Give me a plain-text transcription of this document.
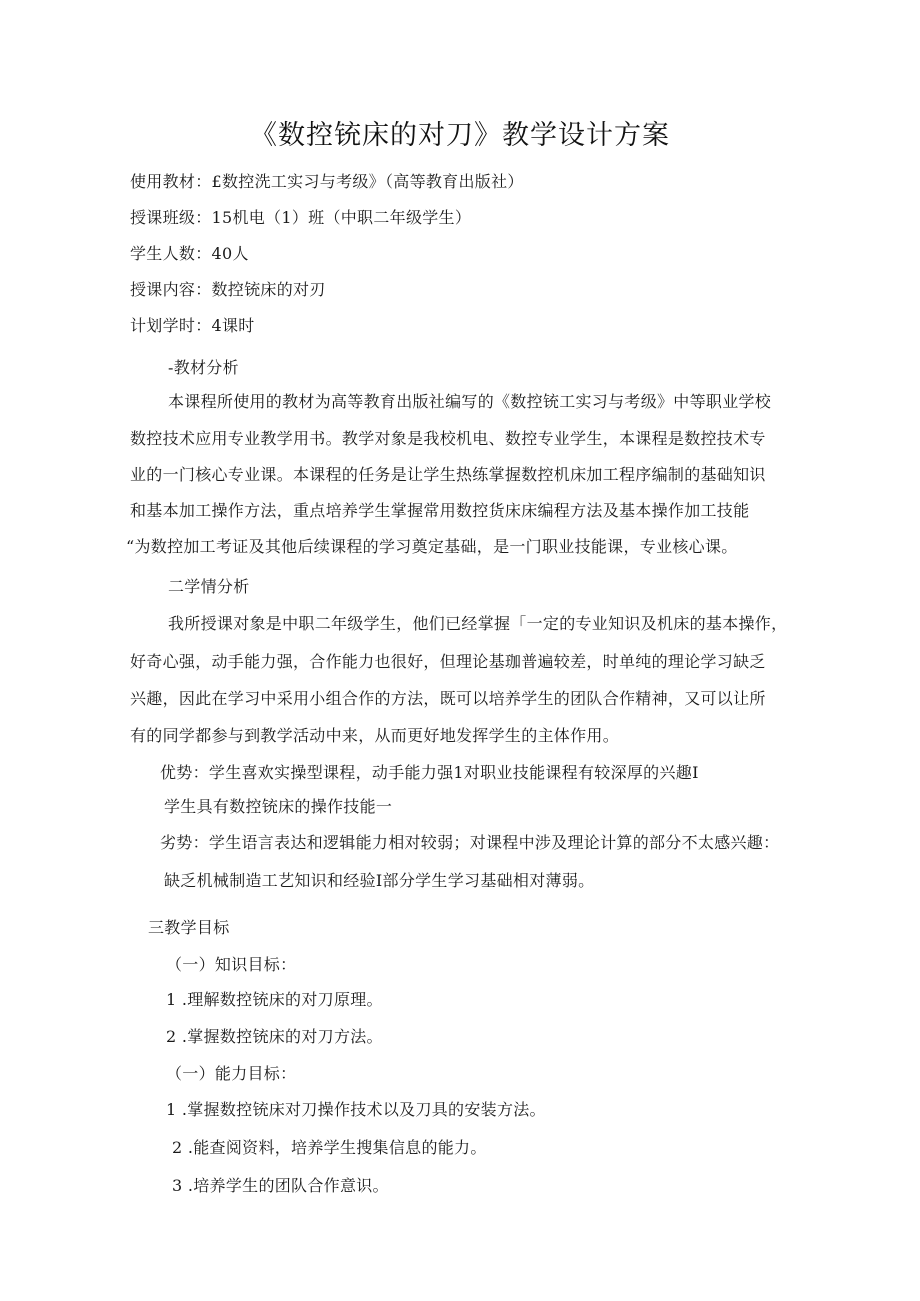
《数控铳床的对刀》教学设计方案
使用教材：£数控洗工实习与考级》（高等教育出版社）
授课班级：15机电（1）班（中职二年级学生）
学生人数：40人
授课内容：数控铳床的对刃
计划学时：4课时
-教材分析
本课程所使用的教材为高等教育出版社编写的《数控铳工实习与考级》中等职业学校
数控技术应用专业教学用书。教学对象是我校机电、数控专业学生，本课程是数控技术专
业的一门核心专业课。本课程的任务是让学生热练掌握数控机床加工程序编制的基础知识
和基本加工操作方法，重点培养学生掌握常用数控货床床编程方法及基本操作加工技能
“为数控加工考证及其他后续课程的学习奠定基础，是一门职业技能课，专业核心课。
二学情分析
我所授课对象是中职二年级学生，他们已经掌握「一定的专业知识及机床的基本操作，
好奇心强，动手能力强，合作能力也很好，但理论基珈普遍较差，时单纯的理论学习缺乏
兴趣，因此在学习中采用小组合作的方法，既可以培养学生的团队合作精神，又可以让所
有的同学都参与到教学活动中来，从而更好地发挥学生的主体作用。
优势：学生喜欢实操型课程，动手能力强1对职业技能课程有较深厚的兴趣I
学生具有数控铳床的操作技能一
劣势：学生语言表达和逻辑能力相对较弱；对课程中涉及理论计算的部分不太感兴趣：
缺乏机械制造工艺知识和经验I部分学生学习基础相对薄弱。
三教学目标
（一）知识目标：
1 .理解数控铳床的对刀原理。
2 .掌握数控铳床的对刀方法。
（一）能力目标：
1 .掌握数控铳床对刀操作技术以及刀具的安装方法。
2 .能查阅资料，培养学生搜集信息的能力。
3 .培养学生的团队合作意识。
